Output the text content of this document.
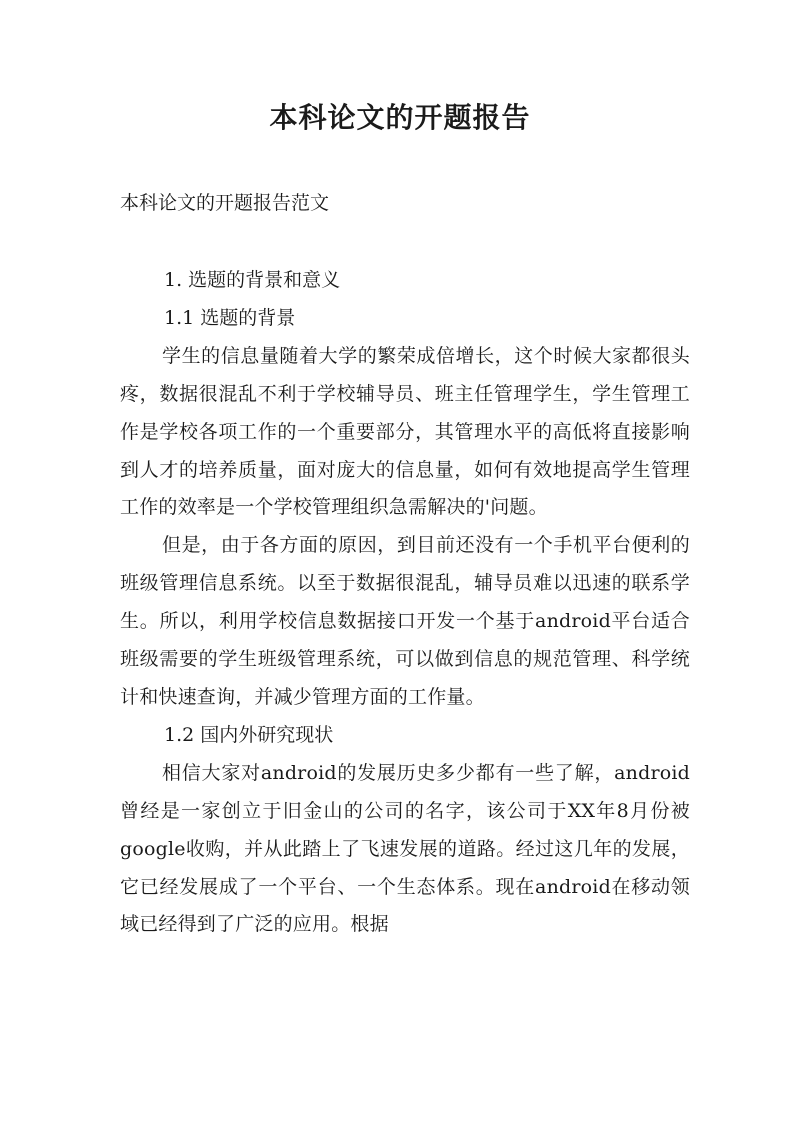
本科论文的开题报告
本科论文的开题报告范文

1. 选题的背景和意义

1.1 选题的背景

学生的信息量随着大学的繁荣成倍增长，这个时候大家都很头疼，数据很混乱不利于学校辅导员、班主任管理学生，学生管理工作是学校各项工作的一个重要部分，其管理水平的高低将直接影响到人才的培养质量，面对庞大的信息量，如何有效地提高学生管理工作的效率是一个学校管理组织急需解决的'问题。

但是，由于各方面的原因，到目前还没有一个手机平台便利的班级管理信息系统。以至于数据很混乱，辅导员难以迅速的联系学生。所以，利用学校信息数据接口开发一个基于android平台适合班级需要的学生班级管理系统，可以做到信息的规范管理、科学统计和快速查询，并减少管理方面的工作量。

1.2 国内外研究现状

相信大家对android的发展历史多少都有一些了解，android曾经是一家创立于旧金山的公司的名字，该公司于XX年8月份被google收购，并从此踏上了飞速发展的道路。经过这几年的发展，它已经发展成了一个平台、一个生态体系。现在android在移动领域已经得到了广泛的应用。根据
